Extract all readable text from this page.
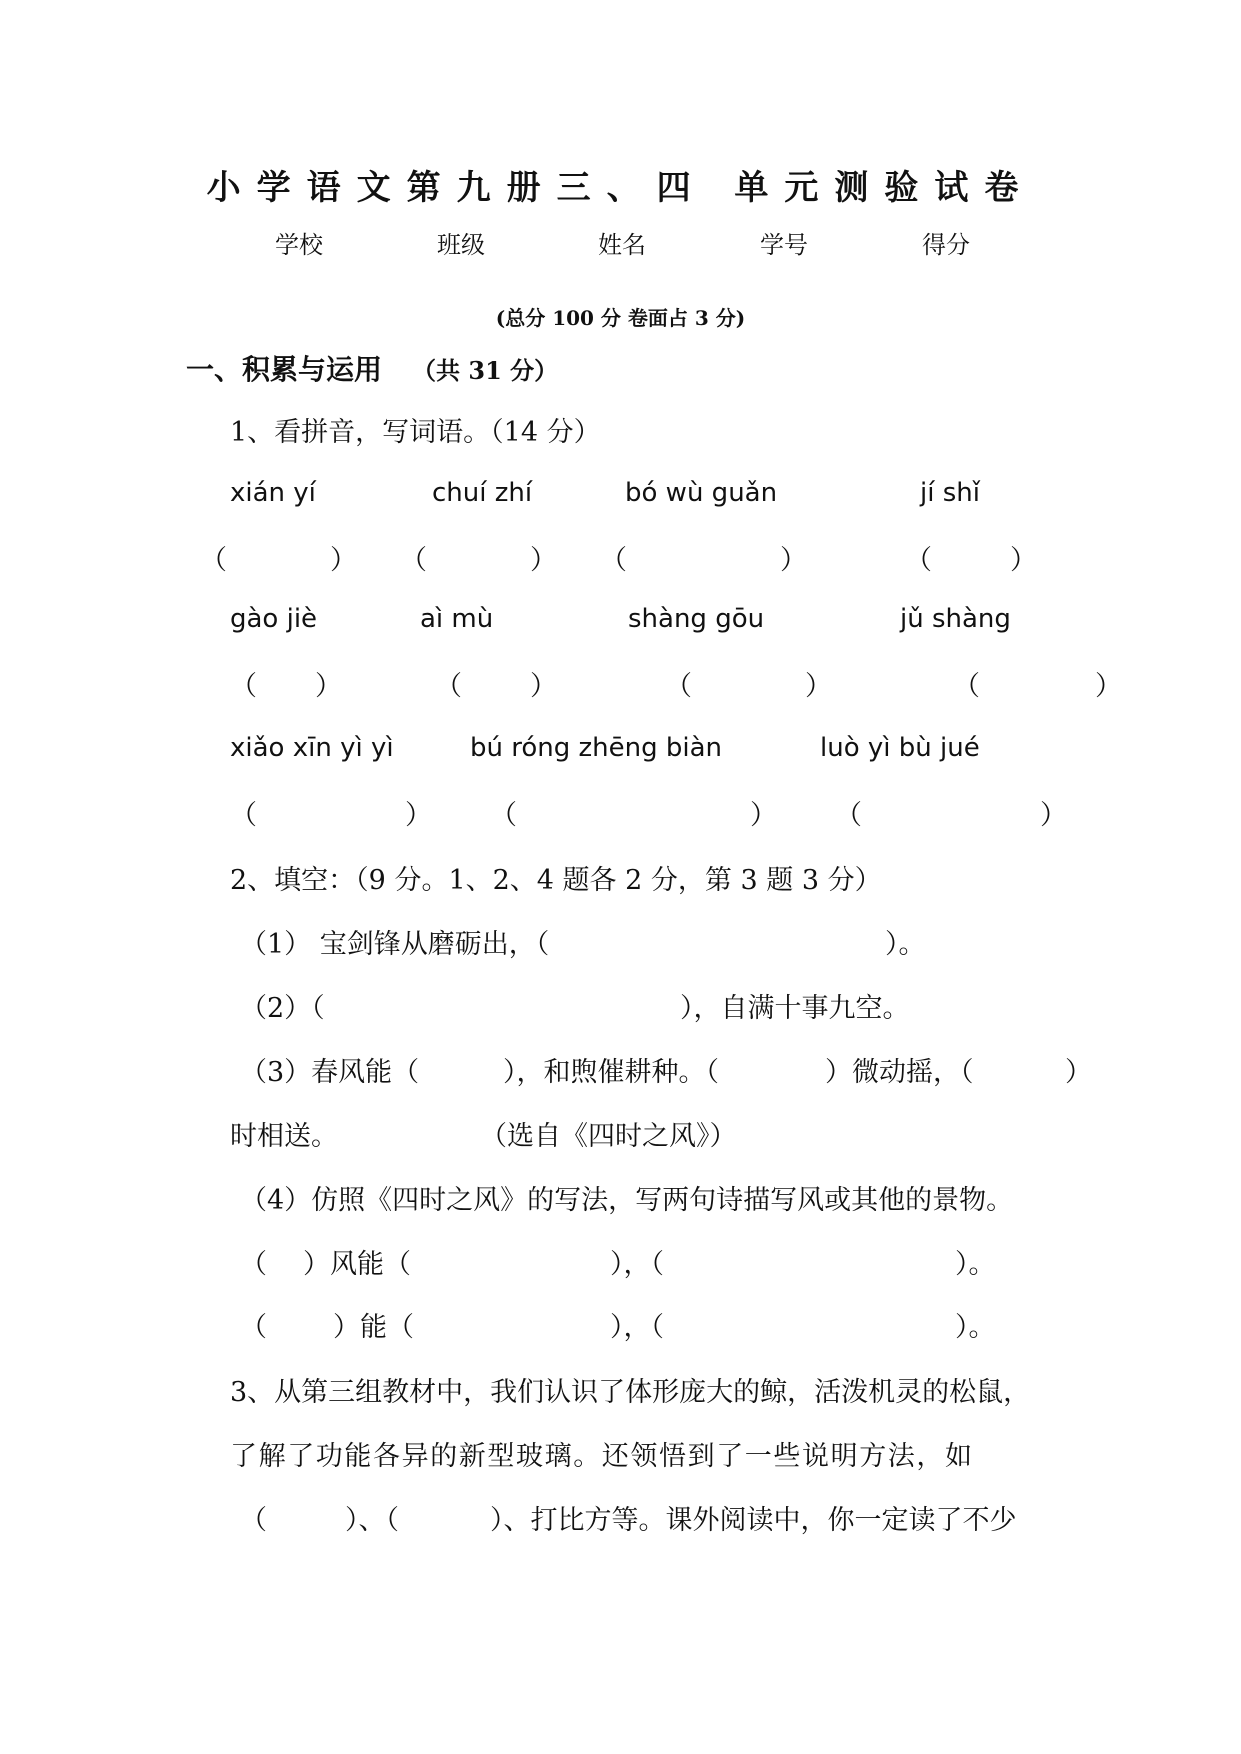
小学语文第九册三、四 单元测验试卷
学校	班级	姓名	学号	得分
(总分 100 分 卷面占 3 分)
一、积累与运用 （共 31 分）
1、看拼音，写词语。（14 分）
xián yí	chuí zhí	bó wù guǎn	jí shǐ
（	） （	） （	）	（	）
gào jiè	aì mù	shàng gōu	jǔ shàng
（ ）	（	）	（	）	（	）
xiǎo xīn yì yì	bú róng zhēng biàn	luò yì bù jué
（	） （	） （	）
2、填空：（9 分。1、2、4 题各 2 分，第 3 题 3 分）
（1） 宝剑锋从磨砺出，（	）。
（2）（	），自满十事九空。
（3）春风能（	），和煦催耕种。（	）微动摇，（	）
时相送。	（选自《四时之风》）
（4）仿照《四时之风》的写法，写两句诗描写风或其他的景物。
（ ）风能（	），（	）。
（ ）能（	），（	）。
3、从第三组教材中，我们认识了体形庞大的鲸，活泼机灵的松鼠，
了解了功能各异的新型玻璃。还领悟到了一些说明方法，如
（	）、（	）、打比方等。课外阅读中，你一定读了不少
